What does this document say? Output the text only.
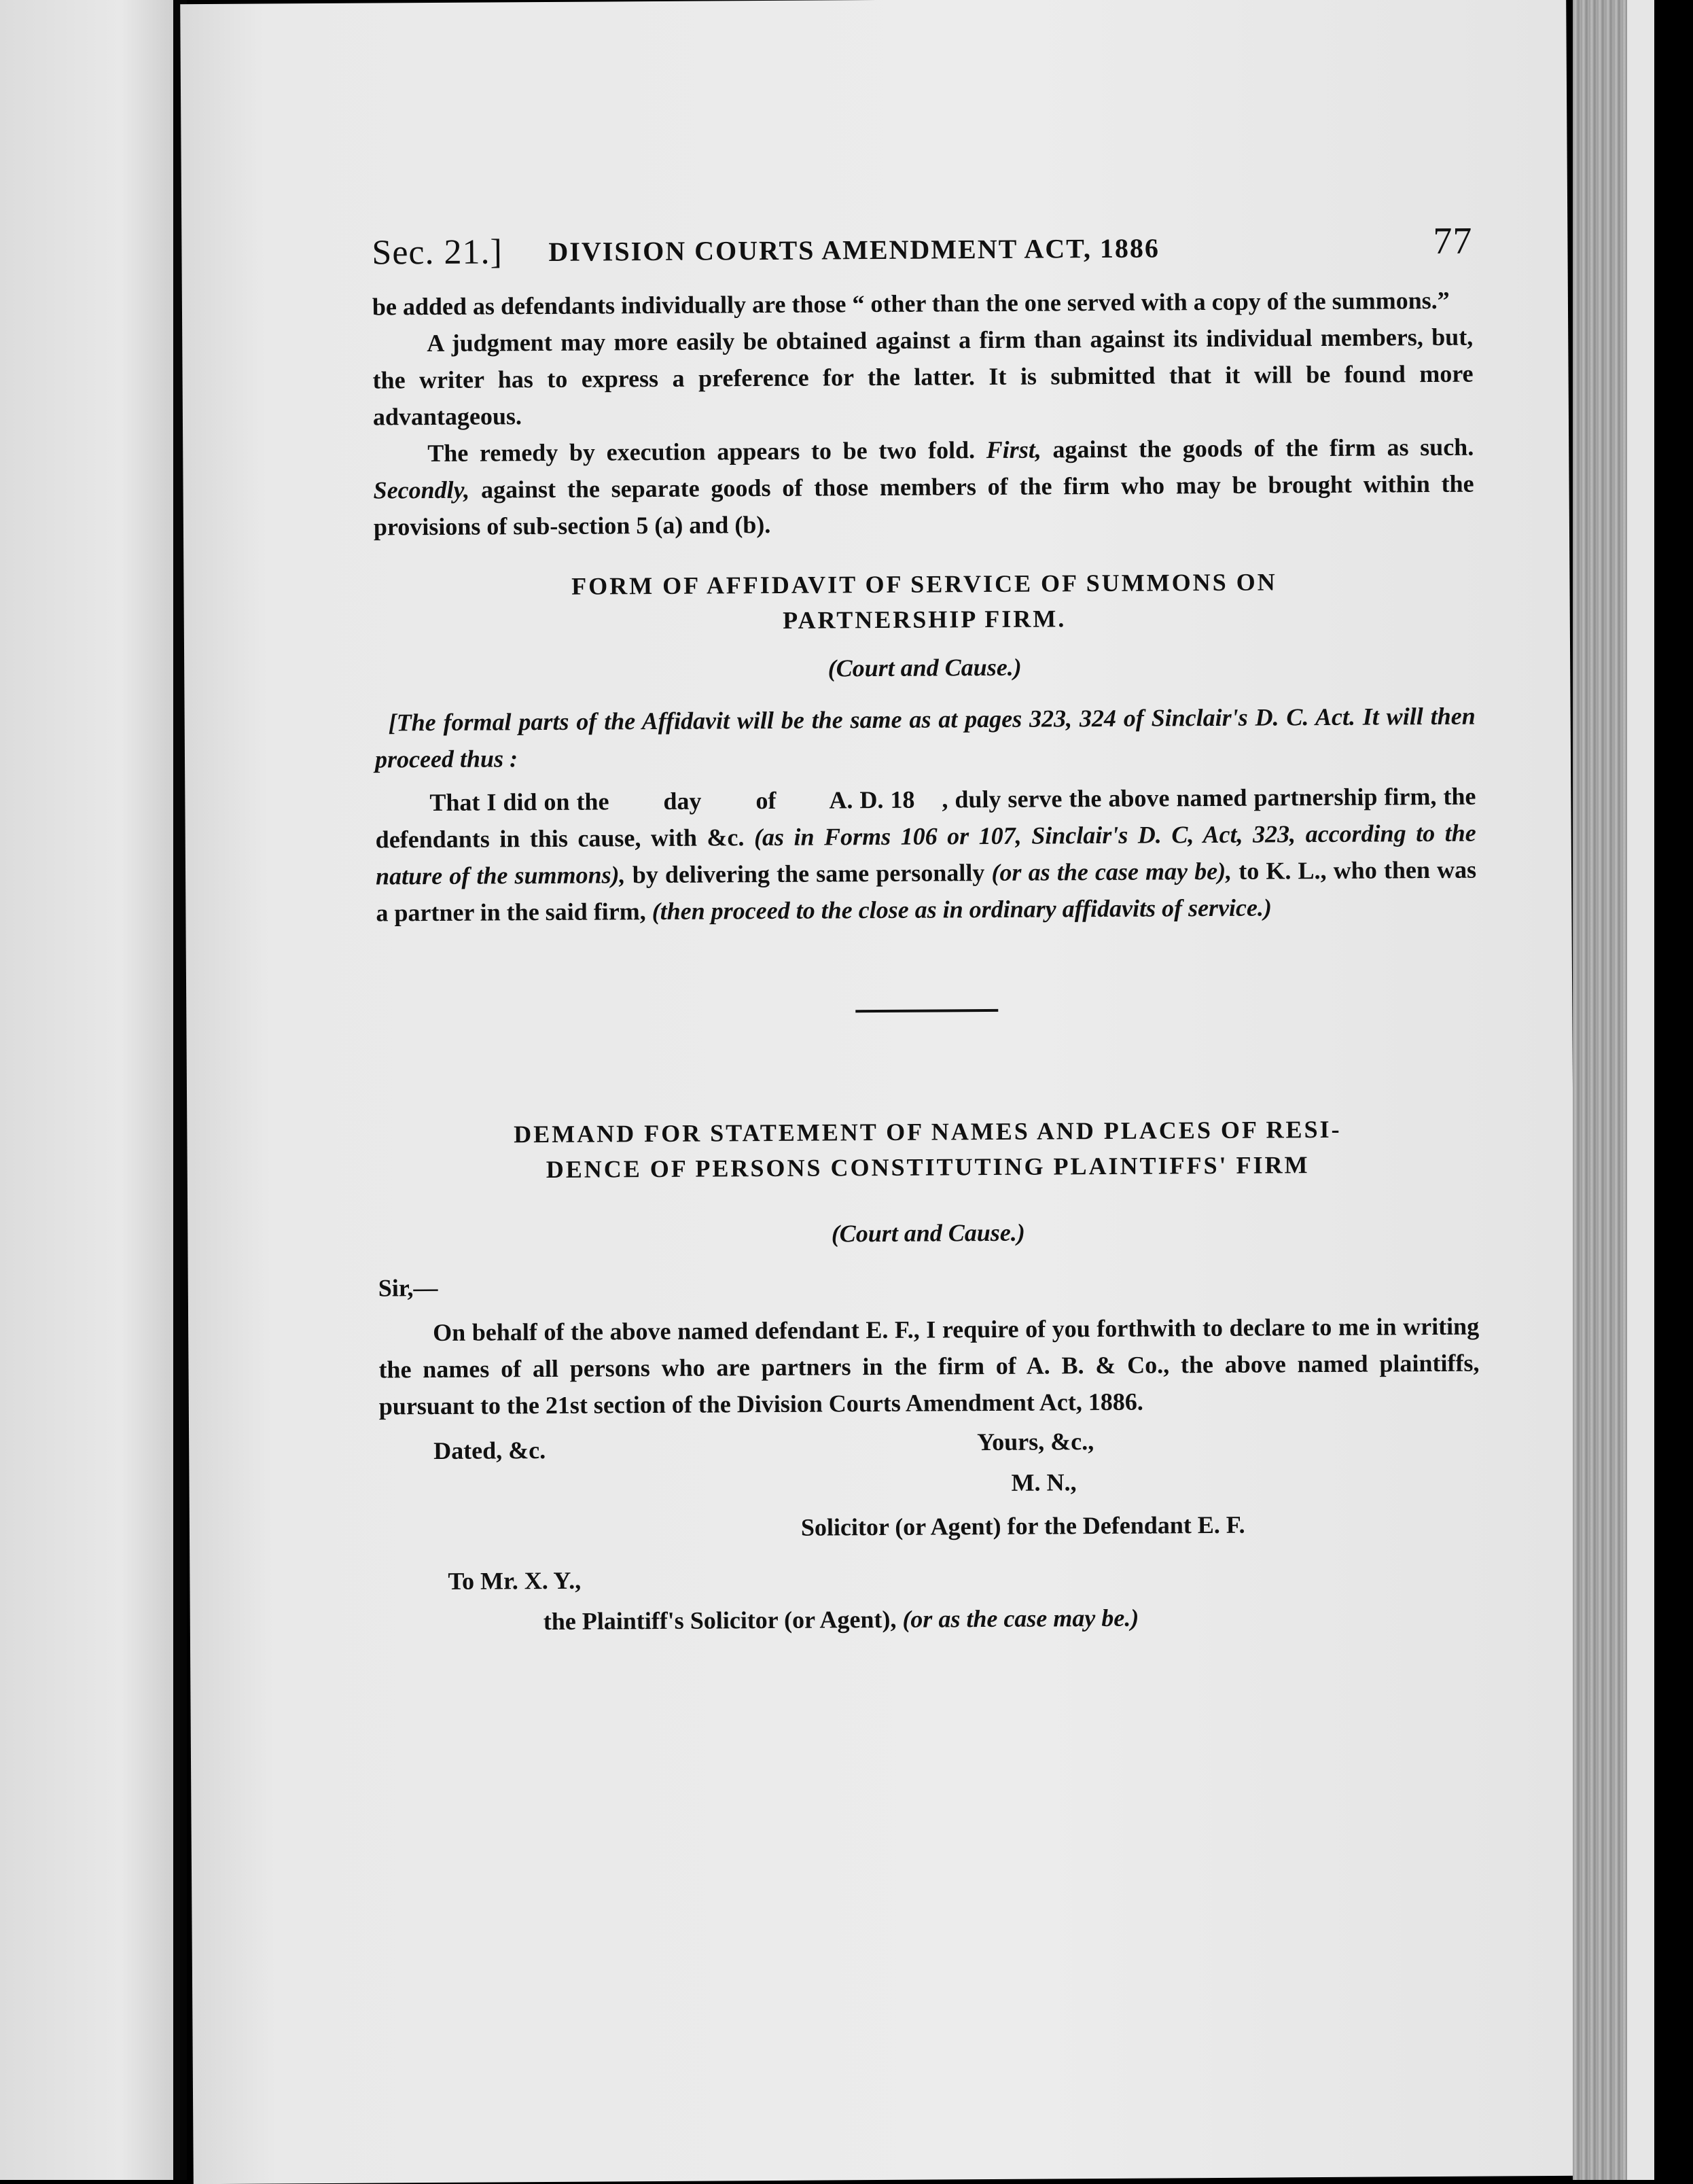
Sec. 21.] DIVISION COURTS AMENDMENT ACT, 1886	77

be added as defendants individually are those “ other than the one served with a copy of the summons.”

A judgment may more easily be obtained against a firm than against its individual members, but, the writer has to express a preference for the latter. It is submitted that it will be found more advantageous.

The remedy by execution appears to be two fold. First, against the goods of the firm as such. Secondly, against the separate goods of those members of the firm who may be brought within the provisions of sub-section 5 (a) and (b).

FORM OF AFFIDAVIT OF SERVICE OF SUMMONS ON
PARTNERSHIP FIRM.
(Court and Cause.)

[The formal parts of the Affidavit will be the same as at pages 323, 324 of Sinclair's D. C. Act. It will then proceed thus :

That I did on the        day        of        A. D. 18    , duly serve the above named partnership firm, the defendants in this cause, with &c. (as in Forms 106 or 107, Sinclair's D. C, Act, 323, according to the nature of the summons), by delivering the same personally (or as the case may be), to K. L., who then was a partner in the said firm, (then proceed to the close as in ordinary affidavits of service.)

DEMAND FOR STATEMENT OF NAMES AND PLACES OF RESI-
DENCE OF PERSONS CONSTITUTING PLAINTIFFS' FIRM
(Court and Cause.)

Sir,—

On behalf of the above named defendant E. F., I require of you forthwith to declare to me in writing the names of all persons who are partners in the firm of A. B. & Co., the above named plaintiffs, pursuant to the 21st section of the Division Courts Amendment Act, 1886.

Dated, &c.	Yours, &c.,
M. N.,
Solicitor (or Agent) for the Defendant E. F.
To Mr. X. Y.,
the Plaintiff's Solicitor (or Agent), (or as the case may be.)
